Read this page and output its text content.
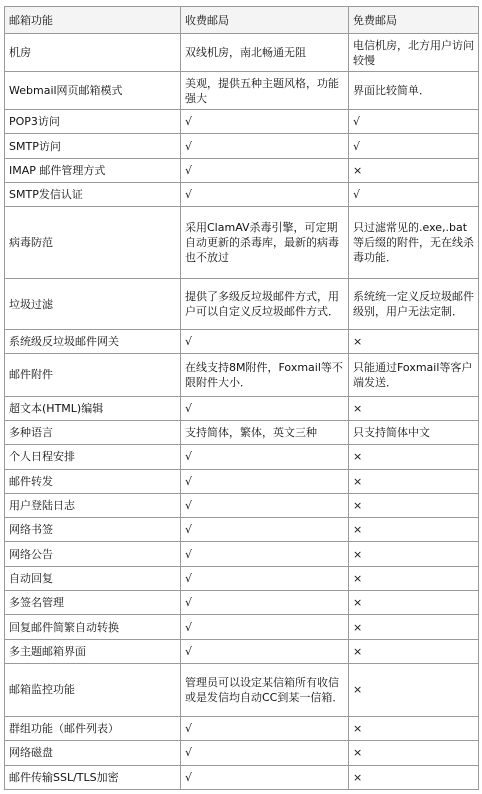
邮箱功能	收费邮局	免费邮局
机房	双线机房，南北畅通无阻	电信机房，北方用户访问较慢
Webmail网页邮箱模式	美观，提供五种主题风格，功能强大	界面比较简单．
POP3访问	√	√
SMTP访问	√	√
IMAP 邮件管理方式	√	×
SMTP发信认证	√	√
病毒防范	采用ClamAV杀毒引擎，可定期自动更新的杀毒库，最新的病毒也不放过	只过滤常见的.exe,.bat等后缀的附件，无在线杀毒功能．
垃圾过滤	提供了多级反垃圾邮件方式，用户可以自定义反垃圾邮件方式．	系统统一定义反垃圾邮件级别，用户无法定制．
系统级反垃圾邮件网关	√	×
邮件附件	在线支持8M附件，Foxmail等不限附件大小．	只能通过Foxmail等客户端发送．
超文本(HTML)编辑	√	×
多种语言	支持简体，繁体，英文三种	只支持简体中文
个人日程安排	√	×
邮件转发	√	×
用户登陆日志	√	×
网络书签	√	×
网络公告	√	×
自动回复	√	×
多签名管理	√	×
回复邮件简繁自动转换	√	×
多主题邮箱界面	√	×
邮箱监控功能	管理员可以设定某信箱所有收信或是发信均自动CC到某一信箱．	×
群组功能（邮件列表）	√	×
网络磁盘	√	×
邮件传输SSL/TLS加密	√	×
